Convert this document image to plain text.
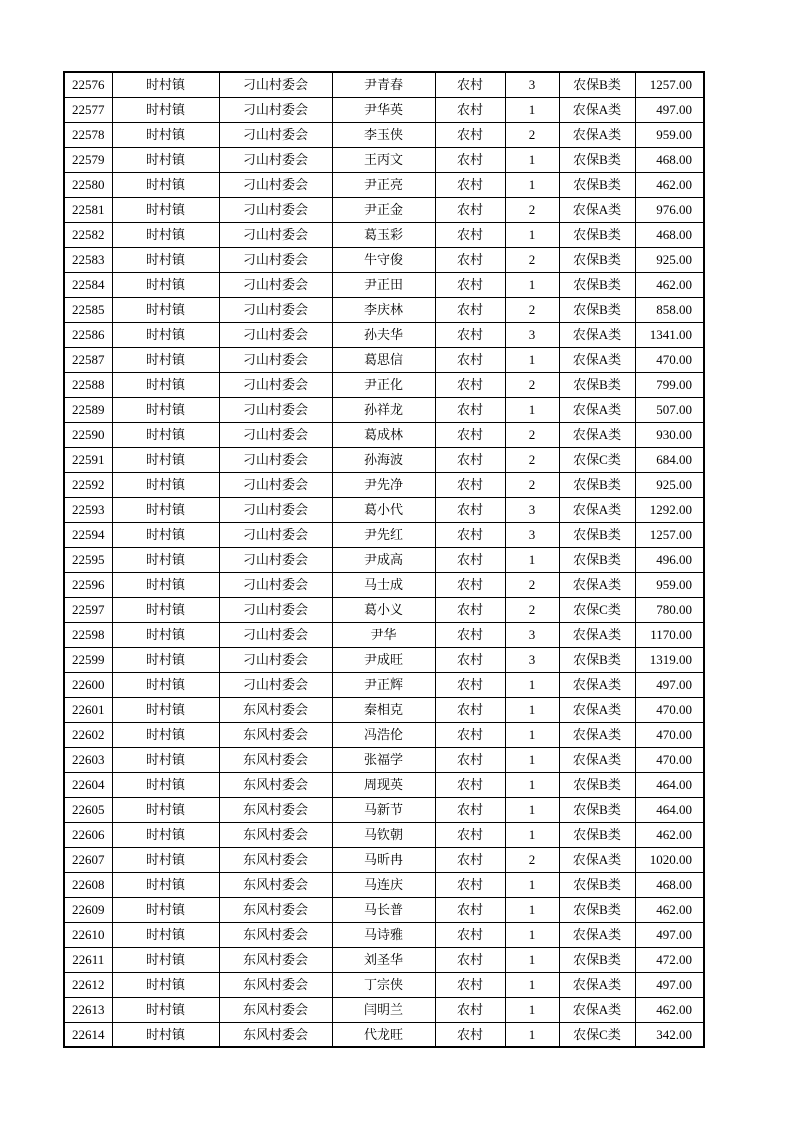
22576	时村镇	刁山村委会	尹青春	农村	3	农保B类	1257.00
22577	时村镇	刁山村委会	尹华英	农村	1	农保A类	497.00
22578	时村镇	刁山村委会	李玉侠	农村	2	农保A类	959.00
22579	时村镇	刁山村委会	王丙文	农村	1	农保B类	468.00
22580	时村镇	刁山村委会	尹正亮	农村	1	农保B类	462.00
22581	时村镇	刁山村委会	尹正金	农村	2	农保A类	976.00
22582	时村镇	刁山村委会	葛玉彩	农村	1	农保B类	468.00
22583	时村镇	刁山村委会	牛守俊	农村	2	农保B类	925.00
22584	时村镇	刁山村委会	尹正田	农村	1	农保B类	462.00
22585	时村镇	刁山村委会	李庆林	农村	2	农保B类	858.00
22586	时村镇	刁山村委会	孙夫华	农村	3	农保A类	1341.00
22587	时村镇	刁山村委会	葛思信	农村	1	农保A类	470.00
22588	时村镇	刁山村委会	尹正化	农村	2	农保B类	799.00
22589	时村镇	刁山村委会	孙祥龙	农村	1	农保A类	507.00
22590	时村镇	刁山村委会	葛成林	农村	2	农保A类	930.00
22591	时村镇	刁山村委会	孙海波	农村	2	农保C类	684.00
22592	时村镇	刁山村委会	尹先净	农村	2	农保B类	925.00
22593	时村镇	刁山村委会	葛小代	农村	3	农保A类	1292.00
22594	时村镇	刁山村委会	尹先红	农村	3	农保B类	1257.00
22595	时村镇	刁山村委会	尹成高	农村	1	农保B类	496.00
22596	时村镇	刁山村委会	马士成	农村	2	农保A类	959.00
22597	时村镇	刁山村委会	葛小义	农村	2	农保C类	780.00
22598	时村镇	刁山村委会	尹华	农村	3	农保A类	1170.00
22599	时村镇	刁山村委会	尹成旺	农村	3	农保B类	1319.00
22600	时村镇	刁山村委会	尹正辉	农村	1	农保A类	497.00
22601	时村镇	东风村委会	秦相克	农村	1	农保A类	470.00
22602	时村镇	东风村委会	冯浩伦	农村	1	农保A类	470.00
22603	时村镇	东风村委会	张福学	农村	1	农保A类	470.00
22604	时村镇	东风村委会	周现英	农村	1	农保B类	464.00
22605	时村镇	东风村委会	马新节	农村	1	农保B类	464.00
22606	时村镇	东风村委会	马钦朝	农村	1	农保B类	462.00
22607	时村镇	东风村委会	马昕冉	农村	2	农保A类	1020.00
22608	时村镇	东风村委会	马连庆	农村	1	农保B类	468.00
22609	时村镇	东风村委会	马长普	农村	1	农保B类	462.00
22610	时村镇	东风村委会	马诗雅	农村	1	农保A类	497.00
22611	时村镇	东风村委会	刘圣华	农村	1	农保B类	472.00
22612	时村镇	东风村委会	丁宗侠	农村	1	农保A类	497.00
22613	时村镇	东风村委会	闫明兰	农村	1	农保A类	462.00
22614	时村镇	东风村委会	代龙旺	农村	1	农保C类	342.00
